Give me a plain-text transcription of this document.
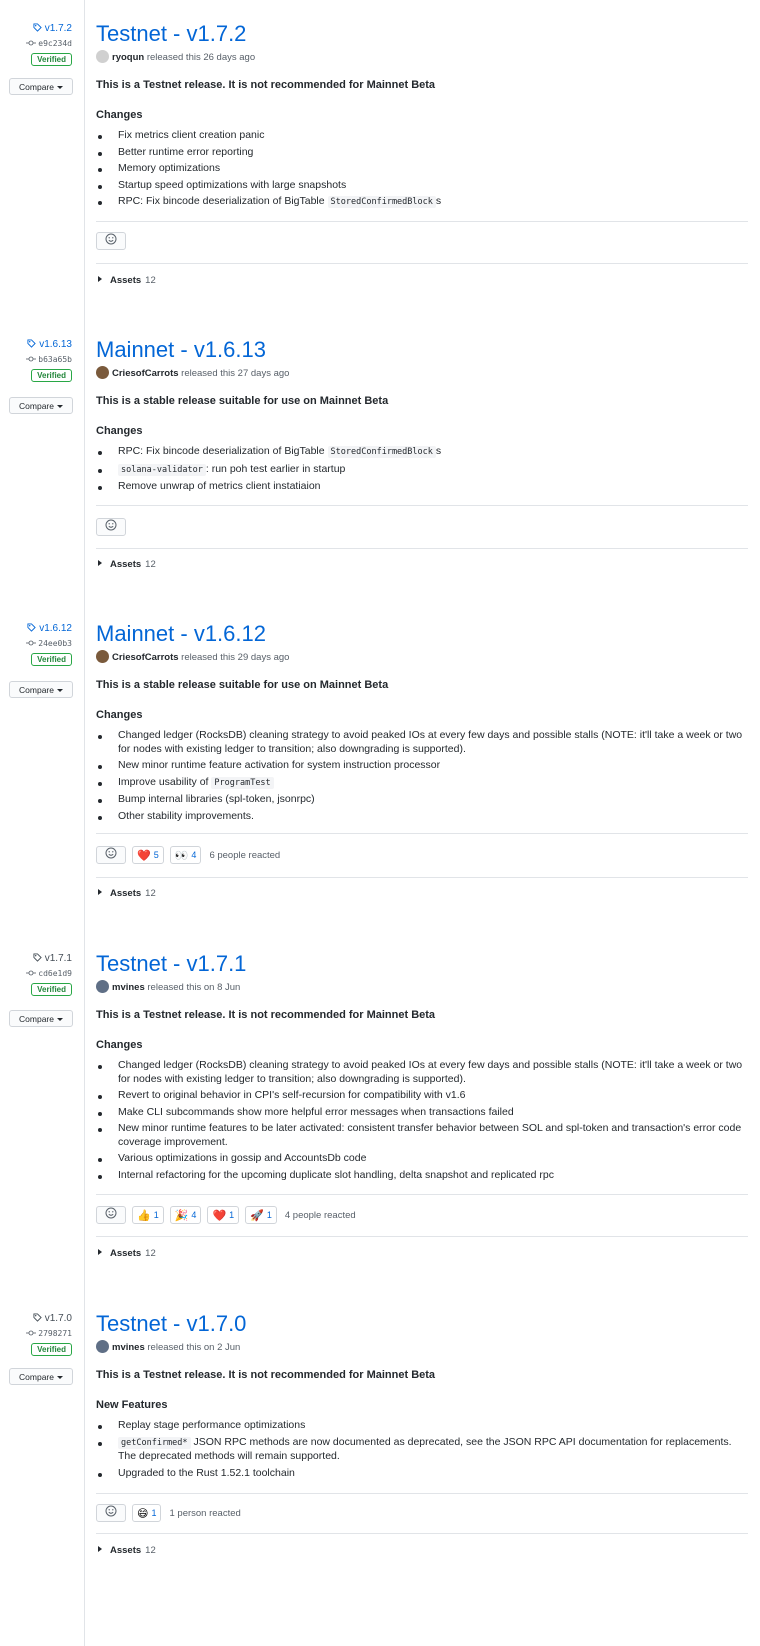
v1.7.2
e9c234d
Verified
Compare
Testnet - v1.7.2
ryoqun released this 26 days ago
This is a Testnet release. It is not recommended for Mainnet Beta
Changes
Fix metrics client creation panic
Better runtime error reporting
Memory optimizations
Startup speed optimizations with large snapshots
RPC: Fix bincode deserialization of BigTable StoredConfirmedBlock s
Assets 12
v1.6.13
b63a65b
Verified
Compare
Mainnet - v1.6.13
CriesofCarrots released this 27 days ago
This is a stable release suitable for use on Mainnet Beta
Changes
RPC: Fix bincode deserialization of BigTable StoredConfirmedBlock s
solana-validator : run poh test earlier in startup
Remove unwrap of metrics client instatiaion
Assets 12
v1.6.12
24ee0b3
Verified
Compare
Mainnet - v1.6.12
CriesofCarrots released this 29 days ago
This is a stable release suitable for use on Mainnet Beta
Changes
Changed ledger (RocksDB) cleaning strategy to avoid peaked IOs at every few days and possible stalls (NOTE: it'll take a week or two for nodes with existing ledger to transition; also downgrading is supported).
New minor runtime feature activation for system instruction processor
Improve usability of ProgramTest
Bump internal libraries (spl-token, jsonrpc)
Other stability improvements.
❤️ 5 👀 4 6 people reacted
Assets 12
v1.7.1
cd6e1d9
Verified
Compare
Testnet - v1.7.1
mvines released this on 8 Jun
This is a Testnet release. It is not recommended for Mainnet Beta
Changes
Changed ledger (RocksDB) cleaning strategy to avoid peaked IOs at every few days and possible stalls (NOTE: it'll take a week or two for nodes with existing ledger to transition; also downgrading is supported).
Revert to original behavior in CPI's self-recursion for compatibility with v1.6
Make CLI subcommands show more helpful error messages when transactions failed
New minor runtime features to be later activated: consistent transfer behavior between SOL and spl-token and transaction's error code coverage improvement.
Various optimizations in gossip and AccountsDb code
Internal refactoring for the upcoming duplicate slot handling, delta snapshot and replicated rpc
👍 1 🎉 4 ❤️ 1 🚀 1 4 people reacted
Assets 12
v1.7.0
2798271
Verified
Compare
Testnet - v1.7.0
mvines released this on 2 Jun
This is a Testnet release. It is not recommended for Mainnet Beta
New Features
Replay stage performance optimizations
getConfirmed* JSON RPC methods are now documented as deprecated, see the JSON RPC API documentation for replacements. The deprecated methods will remain supported.
Upgraded to the Rust 1.52.1 toolchain
😄 1 1 person reacted
Assets 12
